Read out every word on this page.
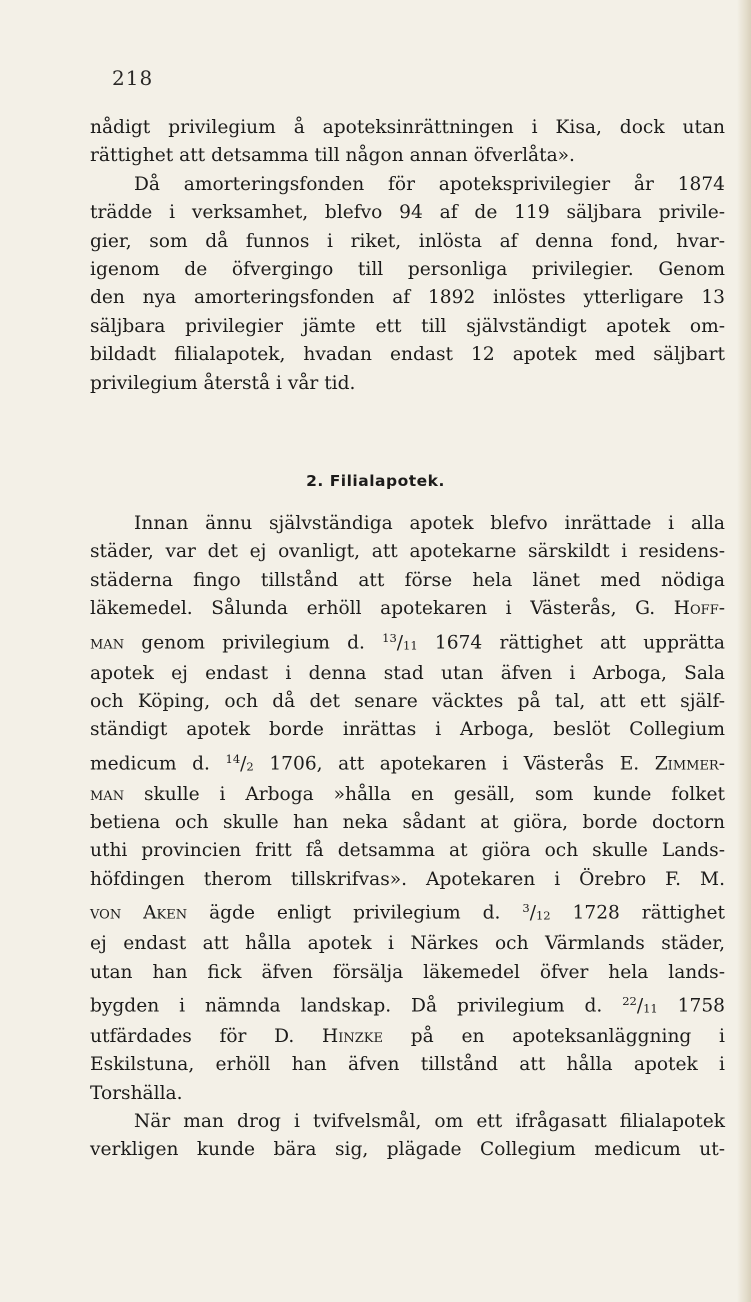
218
nådigt privilegium å apoteksinrättningen i Kisa, dock utan
rättighet att detsamma till någon annan öfverlåta».
Då amorteringsfonden för apoteksprivilegier år 1874
trädde i verksamhet, blefvo 94 af de 119 säljbara privile-
gier, som då funnos i riket, inlösta af denna fond, hvar-
igenom de öfvergingo till personliga privilegier. Genom
den nya amorteringsfonden af 1892 inlöstes ytterligare 13
säljbara privilegier jämte ett till självständigt apotek om-
bildadt filialapotek, hvadan endast 12 apotek med säljbart
privilegium återstå i vår tid.
2. Filialapotek.
Innan ännu självständiga apotek blefvo inrättade i alla
städer, var det ej ovanligt, att apotekarne särskildt i residens-
städerna fingo tillstånd att förse hela länet med nödiga
läkemedel. Sålunda erhöll apotekaren i Västerås, G. Hoff-
man genom privilegium d. $^{13}/_{11}$ 1674 rättighet att upprätta
apotek ej endast i denna stad utan äfven i Arboga, Sala
och Köping, och då det senare väcktes på tal, att ett själf-
ständigt apotek borde inrättas i Arboga, beslöt Collegium
medicum d. $^{14}/_2$ 1706, att apotekaren i Västerås E. Zimmer-
man skulle i Arboga »hålla en gesäll, som kunde folket
betiena och skulle han neka sådant at giöra, borde doctorn
uthi provincien fritt få detsamma at giöra och skulle Lands-
höfdingen therom tillskrifvas». Apotekaren i Örebro F. M.
von Aken ägde enligt privilegium d. $^3/_{12}$ 1728 rättighet
ej endast att hålla apotek i Närkes och Värmlands städer,
utan han fick äfven försälja läkemedel öfver hela lands-
bygden i nämnda landskap. Då privilegium d. $^{22}/_{11}$ 1758
utfärdades för D. Hinzke på en apoteksanläggning i
Eskilstuna, erhöll han äfven tillstånd att hålla apotek i
Torshälla.
När man drog i tvifvelsmål, om ett ifrågasatt filialapotek
verkligen kunde bära sig, plägade Collegium medicum ut-
